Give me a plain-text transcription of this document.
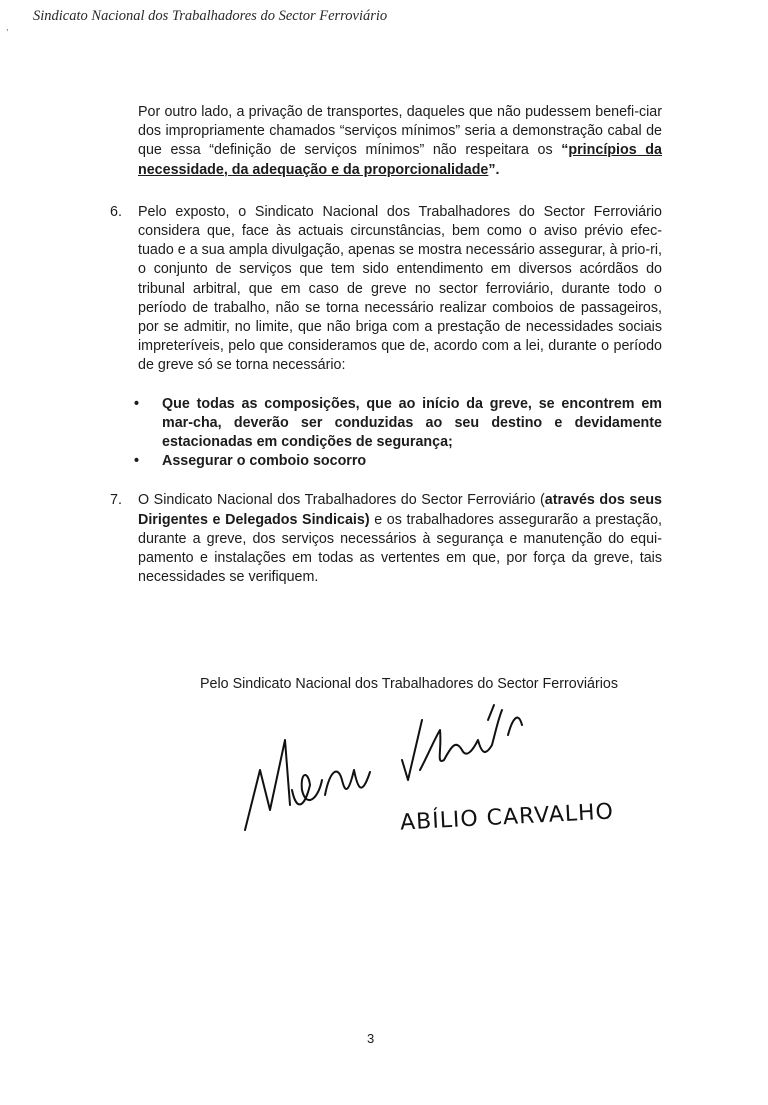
,
Sindicato Nacional dos Trabalhadores do Sector Ferroviário

Por outro lado, a privação de transportes, daqueles que não pudessem benefi-ciar dos impropriamente chamados “serviços mínimos” seria a demonstração cabal de que essa “definição de serviços mínimos” não respeitara os “princípios da necessidade, da adequação e da proporcionalidade”.

6. Pelo exposto, o Sindicato Nacional dos Trabalhadores do Sector Ferroviário considera que, face às actuais circunstâncias, bem como o aviso prévio efec-tuado e a sua ampla divulgação, apenas se mostra necessário assegurar, à prio-ri, o conjunto de serviços que tem sido entendimento em diversos acórdãos do tribunal arbitral, que em caso de greve no sector ferroviário, durante todo o período de trabalho, não se torna necessário realizar comboios de passageiros, por se admitir, no limite, que não briga com a prestação de necessidades sociais impreteríveis, pelo que consideramos que de, acordo com a lei, durante o período de greve só se torna necessário:

• Que todas as composições, que ao início da greve, se encontrem em mar-cha, deverão ser conduzidas ao seu destino e devidamente estacionadas em condições de segurança;
• Assegurar o comboio socorro
7. O Sindicato Nacional dos Trabalhadores do Sector Ferroviário (através dos seus Dirigentes e Delegados Sindicais) e os trabalhadores assegurarão a prestação, durante a greve, dos serviços necessários à segurança e manutenção do equi-pamento e instalações em todas as vertentes em que, por força da greve, tais necessidades se verifiquem.

Pelo Sindicato Nacional dos Trabalhadores do Sector Ferroviários
ABÍLIO CARVALHO
3
